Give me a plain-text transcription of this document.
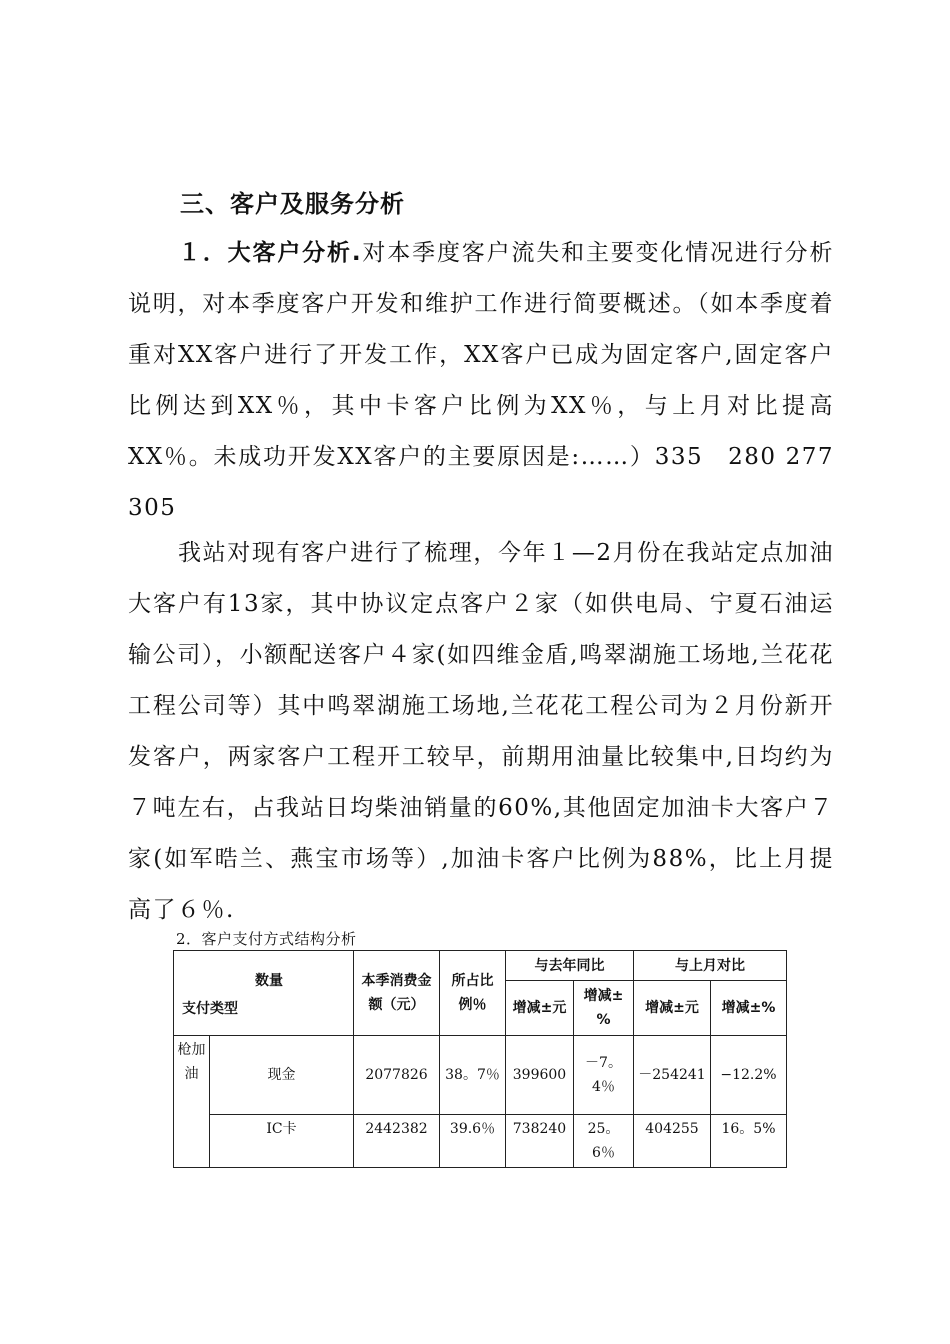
三、客户及服务分析
１．大客户分析.对本季度客户流失和主要变化情况进行分析说明，对本季度客户开发和维护工作进行简要概述。（如本季度着重对XX客户进行了开发工作，XX客户已成为固定客户,固定客户比例达到XX％，其中卡客户比例为XX％，与上月对比提高XX％。未成功开发XX客户的主要原因是:……）335　280 277 305
我站对现有客户进行了梳理，今年１—2月份在我站定点加油大客户有13家，其中协议定点客户２家（如供电局、宁夏石油运输公司），小额配送客户４家(如四维金盾,鸣翠湖施工场地,兰花花工程公司等）其中鸣翠湖施工场地,兰花花工程公司为２月份新开发客户，两家客户工程开工较早，前期用油量比较集中,日均约为７吨左右，占我站日均柴油销量的60%,其他固定加油卡大客户７家(如军晧兰、燕宝市场等）,加油卡客户比例为88%，比上月提高了６％.
2．客户支付方式结构分析
数量
支付类型		本季消费金额（元）	所占比例％	与去年同比		与上月对比	
				增减±元	增减±%	增减±元	增减±%
枪加油	现金	2077826	38。7％	399600	－7。4％	－254241	−12.2%
	IC卡	2442382	39.6％	738240	25。6％	404255	16。5%
